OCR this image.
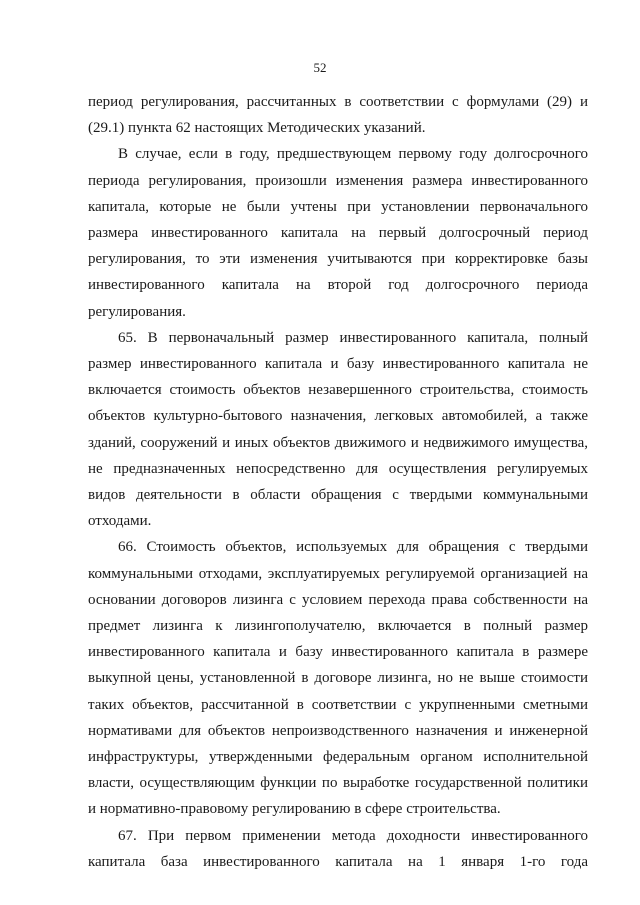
52

период регулирования, рассчитанных в соответствии с формулами (29) и (29.1) пункта 62 настоящих Методических указаний.

В случае, если в году, предшествующем первому году долгосрочного периода регулирования, произошли изменения размера инвестированного капитала, которые не были учтены при установлении первоначального размера инвестированного капитала на первый долгосрочный период регулирования, то эти изменения учитываются при корректировке базы инвестированного капитала на второй год долгосрочного периода регулирования.

65. В первоначальный размер инвестированного капитала, полный размер инвестированного капитала и базу инвестированного капитала не включается стоимость объектов незавершенного строительства, стоимость объектов культурно-бытового назначения, легковых автомобилей, а также зданий, сооружений и иных объектов движимого и недвижимого имущества, не предназначенных непосредственно для осуществления регулируемых видов деятельности в области обращения с твердыми коммунальными отходами.

66. Стоимость объектов, используемых для обращения с твердыми коммунальными отходами, эксплуатируемых регулируемой организацией на основании договоров лизинга с условием перехода права собственности на предмет лизинга к лизингополучателю, включается в полный размер инвестированного капитала и базу инвестированного капитала в размере выкупной цены, установленной в договоре лизинга, но не выше стоимости таких объектов, рассчитанной в соответствии с укрупненными сметными нормативами для объектов непроизводственного назначения и инженерной инфраструктуры, утвержденными федеральным органом исполнительной власти, осуществляющим функции по выработке государственной политики и нормативно-правовому регулированию в сфере строительства.

67. При первом применении метода доходности инвестированного капитала база инвестированного капитала на 1 января 1-го года
